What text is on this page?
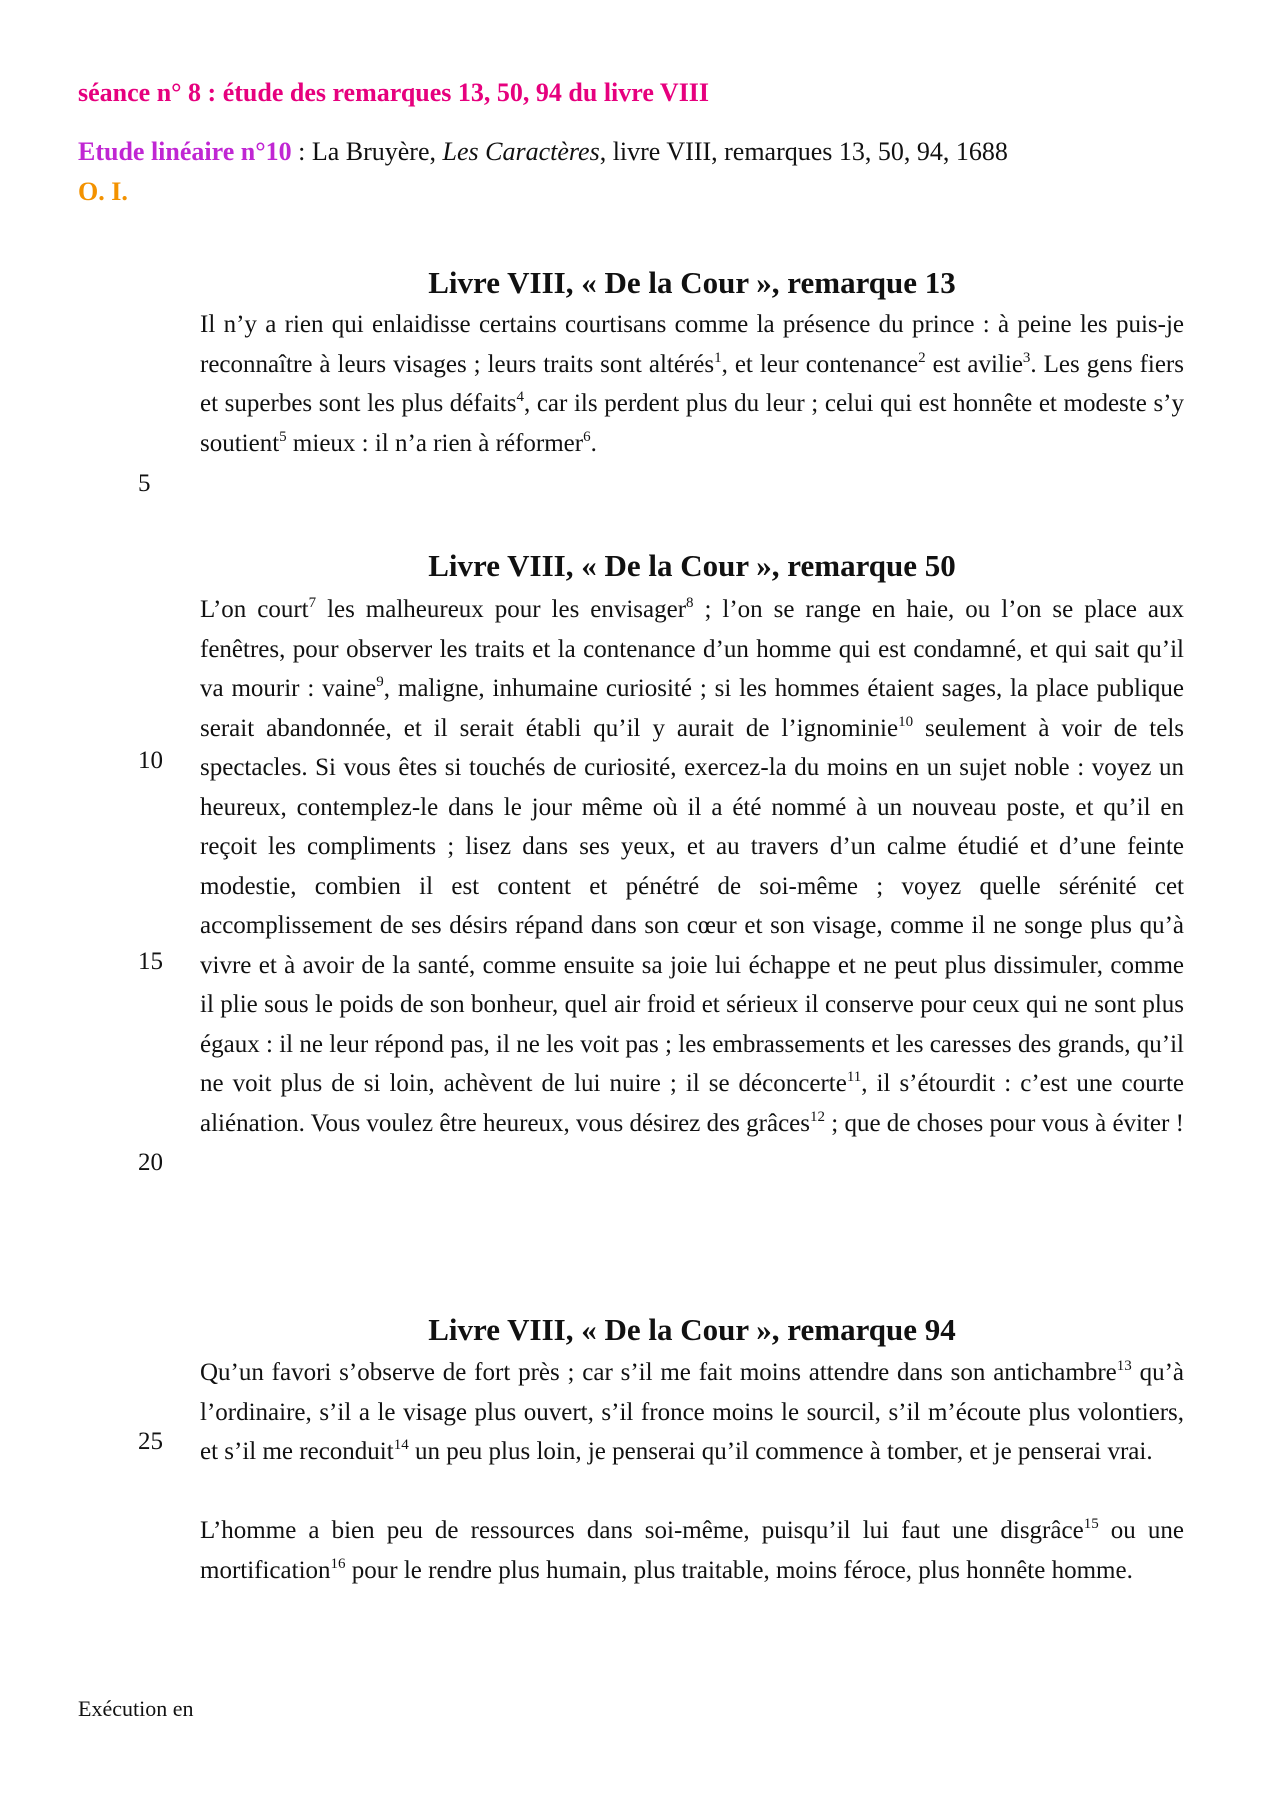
séance n° 8 : étude des remarques 13, 50, 94 du livre VIII
Etude linéaire n°10 : La Bruyère, Les Caractères, livre VIII, remarques 13, 50, 94, 1688
O. I.
Livre VIII, « De la Cour », remarque 13

Il n’y a rien qui enlaidisse certains courtisans comme la présence du prince : à peine les puis-je reconnaître à leurs visages ; leurs traits sont altérés$^1$, et leur contenance$^2$ est avilie$^3$. Les gens fiers et superbes sont les plus défaits$^4$, car ils perdent plus du leur ; celui qui est honnête et modeste s’y soutient$^5$ mieux : il n’a rien à réformer$^6$.

Livre VIII, « De la Cour », remarque 50

L’on court$^7$ les malheureux pour les envisager$^8$ ; l’on se range en haie, ou l’on se place aux fenêtres, pour observer les traits et la contenance d’un homme qui est condamné, et qui sait qu’il va mourir : vaine$^9$, maligne, inhumaine curiosité ; si les hommes étaient sages, la place publique serait abandonnée, et il serait établi qu’il y aurait de l’ignominie$^{10}$ seulement à voir de tels spectacles. Si vous êtes si touchés de curiosité, exercez-la du moins en un sujet noble : voyez un heureux, contemplez-le dans le jour même où il a été nommé à un nouveau poste, et qu’il en reçoit les compliments ; lisez dans ses yeux, et au travers d’un calme étudié et d’une feinte modestie, combien il est content et pénétré de soi-même ; voyez quelle sérénité cet accomplissement de ses désirs répand dans son cœur et son visage, comme il ne songe plus qu’à vivre et à avoir de la santé, comme ensuite sa joie lui échappe et ne peut plus dissimuler, comme il plie sous le poids de son bonheur, quel air froid et sérieux il conserve pour ceux qui ne sont plus égaux : il ne leur répond pas, il ne les voit pas ; les embrassements et les caresses des grands, qu’il ne voit plus de si loin, achèvent de lui nuire ; il se déconcerte$^{11}$, il s’étourdit : c’est une courte aliénation. Vous voulez être heureux, vous désirez des grâces$^{12}$ ; que de choses pour vous à éviter !

Livre VIII, « De la Cour », remarque 94

Qu’un favori s’observe de fort près ; car s’il me fait moins attendre dans son antichambre$^{13}$ qu’à l’ordinaire, s’il a le visage plus ouvert, s’il fronce moins le sourcil, s’il m’écoute plus volontiers, et s’il me reconduit$^{14}$ un peu plus loin, je penserai qu’il commence à tomber, et je penserai vrai.

L’homme a bien peu de ressources dans soi-même, puisqu’il lui faut une disgrâce$^{15}$ ou une mortification$^{16}$ pour le rendre plus humain, plus traitable, moins féroce, plus honnête homme.

5
10
15
20
25
Exécution en
